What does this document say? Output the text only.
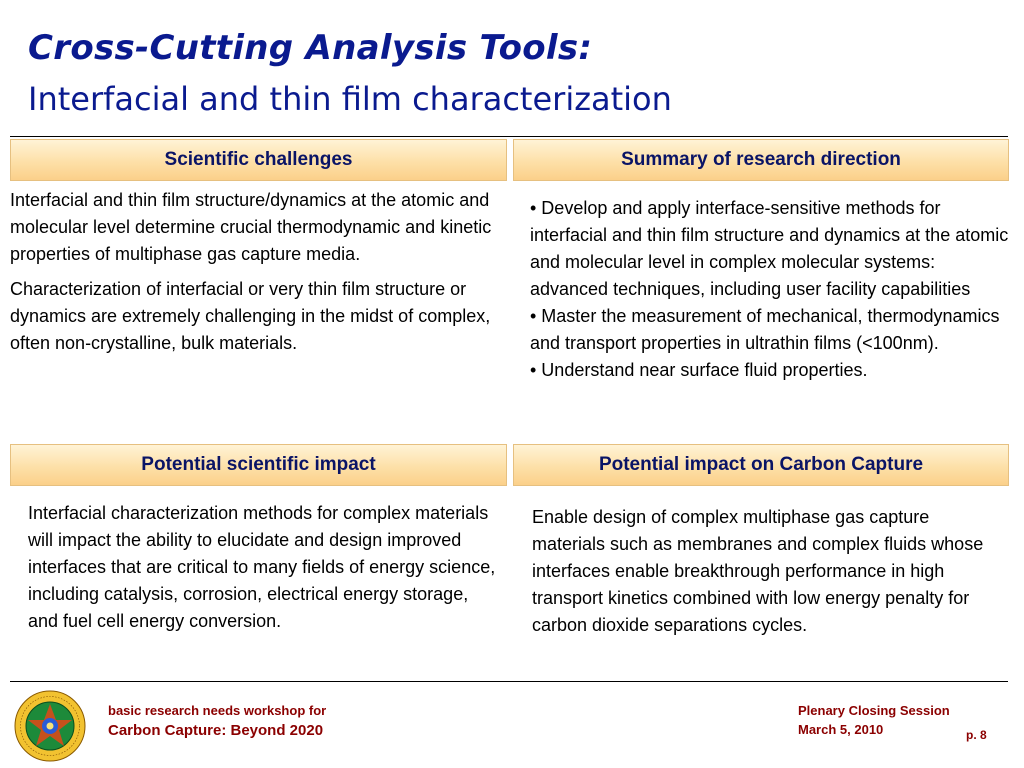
Cross-Cutting Analysis Tools:
Interfacial and thin film characterization
Scientific challenges	Summary of research direction

Interfacial and thin film structure/dynamics at the atomic and molecular level determine crucial thermodynamic and kinetic properties of multiphase gas capture media.

Characterization of interfacial or very thin film structure or dynamics are extremely challenging in the midst of complex, often non-crystalline, bulk materials.

• Develop and apply interface-sensitive methods for interfacial and thin film structure and dynamics at the atomic and molecular level in complex molecular systems: advanced techniques, including user facility capabilities

• Master the measurement of mechanical, thermodynamics and transport properties in ultrathin films (<100nm).

• Understand near surface fluid properties.

Potential scientific impact	Potential impact on Carbon Capture

Interfacial characterization methods for complex materials will impact the ability to elucidate and design improved interfaces that are critical to many fields of energy science, including catalysis, corrosion, electrical energy storage, and fuel cell energy conversion.

Enable design of complex multiphase gas capture materials such as membranes and complex fluids whose interfaces enable breakthrough performance in high transport kinetics combined with low energy penalty for carbon dioxide separations cycles.

basic research needs workshop for
Carbon Capture: Beyond 2020
Plenary Closing Session
March 5, 2010	p. 8
